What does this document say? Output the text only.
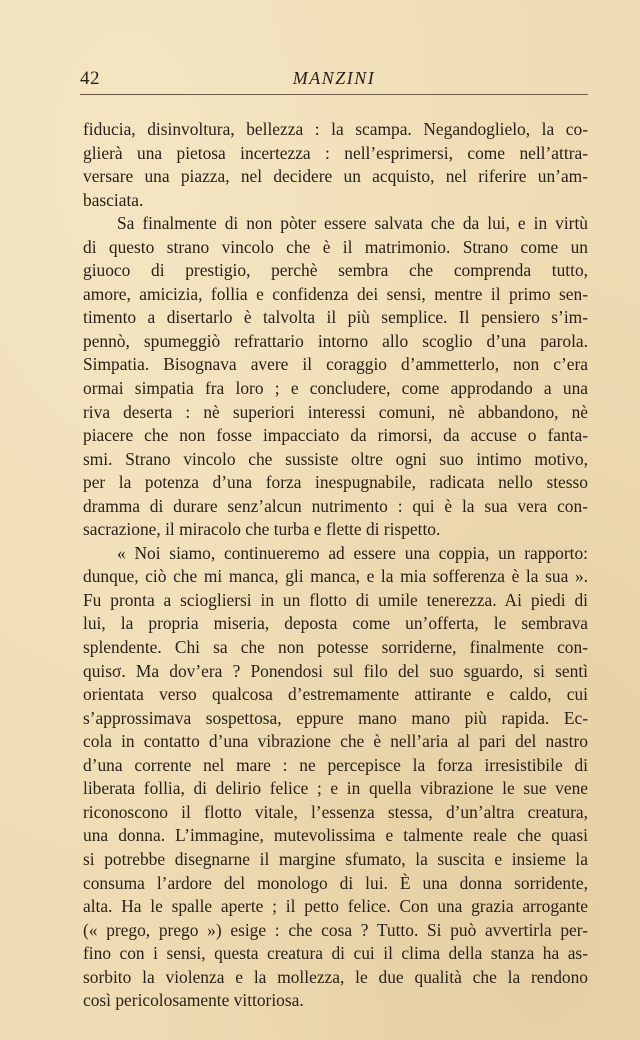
42	MANZINI
fiducia, disinvoltura, bellezza : la scampa. Negandoglielo, la co-
glierà una pietosa incertezza : nell’esprimersi, come nell’attra-
versare una piazza, nel decidere un acquisto, nel riferire un’am-
basciata.
Sa finalmente di non pòter essere salvata che da lui, e in virtù
di questo strano vincolo che è il matrimonio. Strano come un
giuoco di prestigio, perchè sembra che comprenda tutto,
amore, amicizia, follia e confidenza dei sensi, mentre il primo sen-
timento a disertarlo è talvolta il più semplice. Il pensiero s’im-
pennò, spumeggiò refrattario intorno allo scoglio d’una parola.
Simpatia. Bisognava avere il coraggio d’ammetterlo, non c’era
ormai simpatia fra loro ; e concludere, come approdando a una
riva deserta : nè superiori interessi comuni, nè abbandono, nè
piacere che non fosse impacciato da rimorsi, da accuse o fanta-
smi. Strano vincolo che sussiste oltre ogni suo intimo motivo,
per la potenza d’una forza inespugnabile, radicata nello stesso
dramma di durare senz’alcun nutrimento : qui è la sua vera con-
sacrazione, il miracolo che turba e flette di rispetto.
« Noi siamo, continueremo ad essere una coppia, un rapporto:
dunque, ciò che mi manca, gli manca, e la mia sofferenza è la sua ».
Fu pronta a sciogliersi in un flotto di umile tenerezza. Ai piedi di
lui, la propria miseria, deposta come un’offerta, le sembrava
splendente. Chi sa che non potesse sorriderne, finalmente con-
quisσ. Ma dov’era ? Ponendosi sul filo del suo sguardo, si sentì
orientata verso qualcosa d’estremamente attirante e caldo, cui
s’approssimava sospettosa, eppure mano mano più rapida. Ec-
cola in contatto d’una vibrazione che è nell’aria al pari del nastro
d’una corrente nel mare : ne percepisce la forza irresistibile di
liberata follia, di delirio felice ; e in quella vibrazione le sue vene
riconoscono il flotto vitale, l’essenza stessa, d’un’altra creatura,
una donna. L’immagine, mutevolissima e talmente reale che quasi
si potrebbe disegnarne il margine sfumato, la suscita e insieme la
consuma l’ardore del monologo di lui. È una donna sorridente,
alta. Ha le spalle aperte ; il petto felice. Con una grazia arrogante
(« prego, prego ») esige : che cosa ? Tutto. Si può avvertirla per-
fino con i sensi, questa creatura di cui il clima della stanza ha as-
sorbito la violenza e la mollezza, le due qualità che la rendono
così pericolosamente vittoriosa.
